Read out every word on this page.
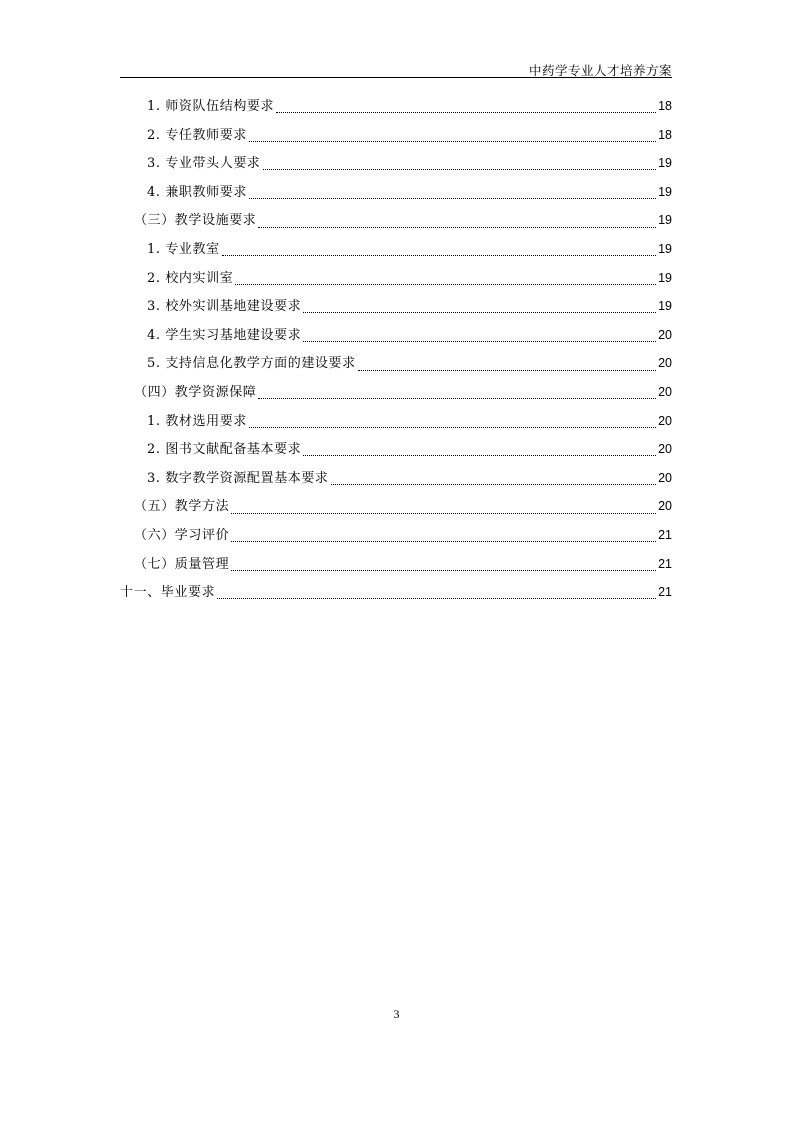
中药学专业人才培养方案
1. 师资队伍结构要求	18
2. 专任教师要求	18
3. 专业带头人要求	19
4. 兼职教师要求	19
（三）教学设施要求	19
1. 专业教室	19
2. 校内实训室	19
3. 校外实训基地建设要求	19
4. 学生实习基地建设要求	20
5. 支持信息化教学方面的建设要求	20
（四）教学资源保障	20
1. 教材选用要求	20
2. 图书文献配备基本要求	20
3. 数字教学资源配置基本要求	20
（五）教学方法	20
（六）学习评价	21
（七）质量管理	21
十一、毕业要求	21
3
